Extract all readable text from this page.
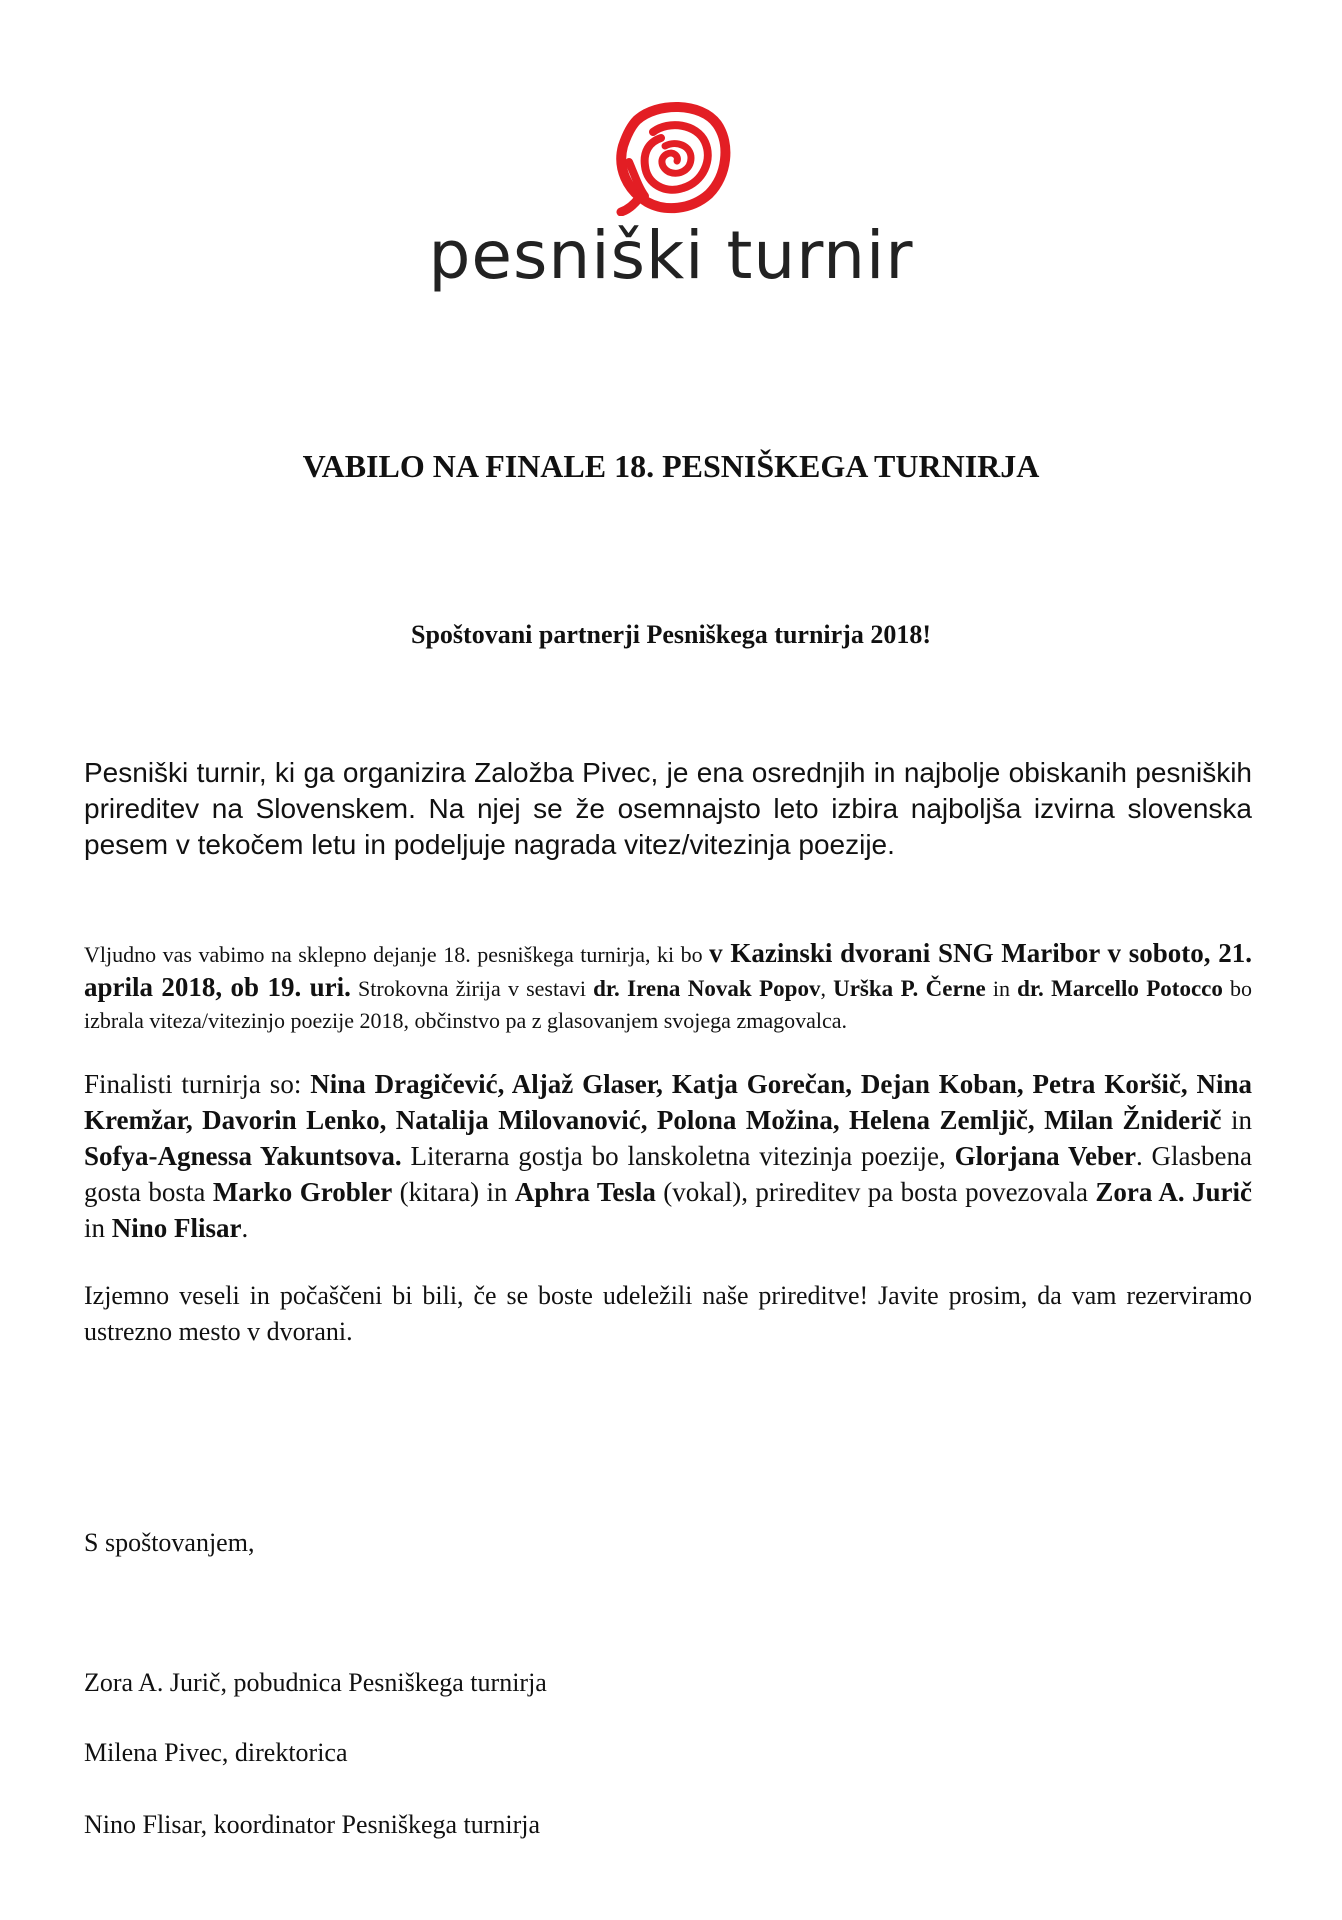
pesniški turnir
VABILO NA FINALE 18. PESNIŠKEGA TURNIRJA

Spoštovani partnerji Pesniškega turnirja 2018!

Pesniški turnir, ki ga organizira Založba Pivec, je ena osrednjih in najbolje obiskanih pesniških prireditev na Slovenskem. Na njej se že osemnajsto leto izbira najboljša izvirna slovenska pesem v tekočem letu in podeljuje nagrada vitez/vitezinja poezije.

Vljudno vas vabimo na sklepno dejanje 18. pesniškega turnirja, ki bo v Kazinski dvorani SNG Maribor v soboto, 21. aprila 2018, ob 19. uri. Strokovna žirija v sestavi dr. Irena Novak Popov, Urška P. Černe in dr. Marcello Potocco bo izbrala viteza/vitezinjo poezije 2018, občinstvo pa z glasovanjem svojega zmagovalca.

Finalisti turnirja so: Nina Dragičević, Aljaž Glaser, Katja Gorečan, Dejan Koban, Petra Koršič, Nina Kremžar, Davorin Lenko, Natalija Milovanović, Polona Možina, Helena Zemljič, Milan Žniderič in Sofya-Agnessa Yakuntsova. Literarna gostja bo lanskoletna vitezinja poezije, Glorjana Veber. Glasbena gosta bosta Marko Grobler (kitara) in Aphra Tesla (vokal), prireditev pa bosta povezovala Zora A. Jurič in Nino Flisar.

Izjemno veseli in počaščeni bi bili, če se boste udeležili naše prireditve! Javite prosim, da vam rezerviramo ustrezno mesto v dvorani.

S spoštovanjem,

Zora A. Jurič, pobudnica Pesniškega turnirja

Milena Pivec, direktorica

Nino Flisar, koordinator Pesniškega turnirja
